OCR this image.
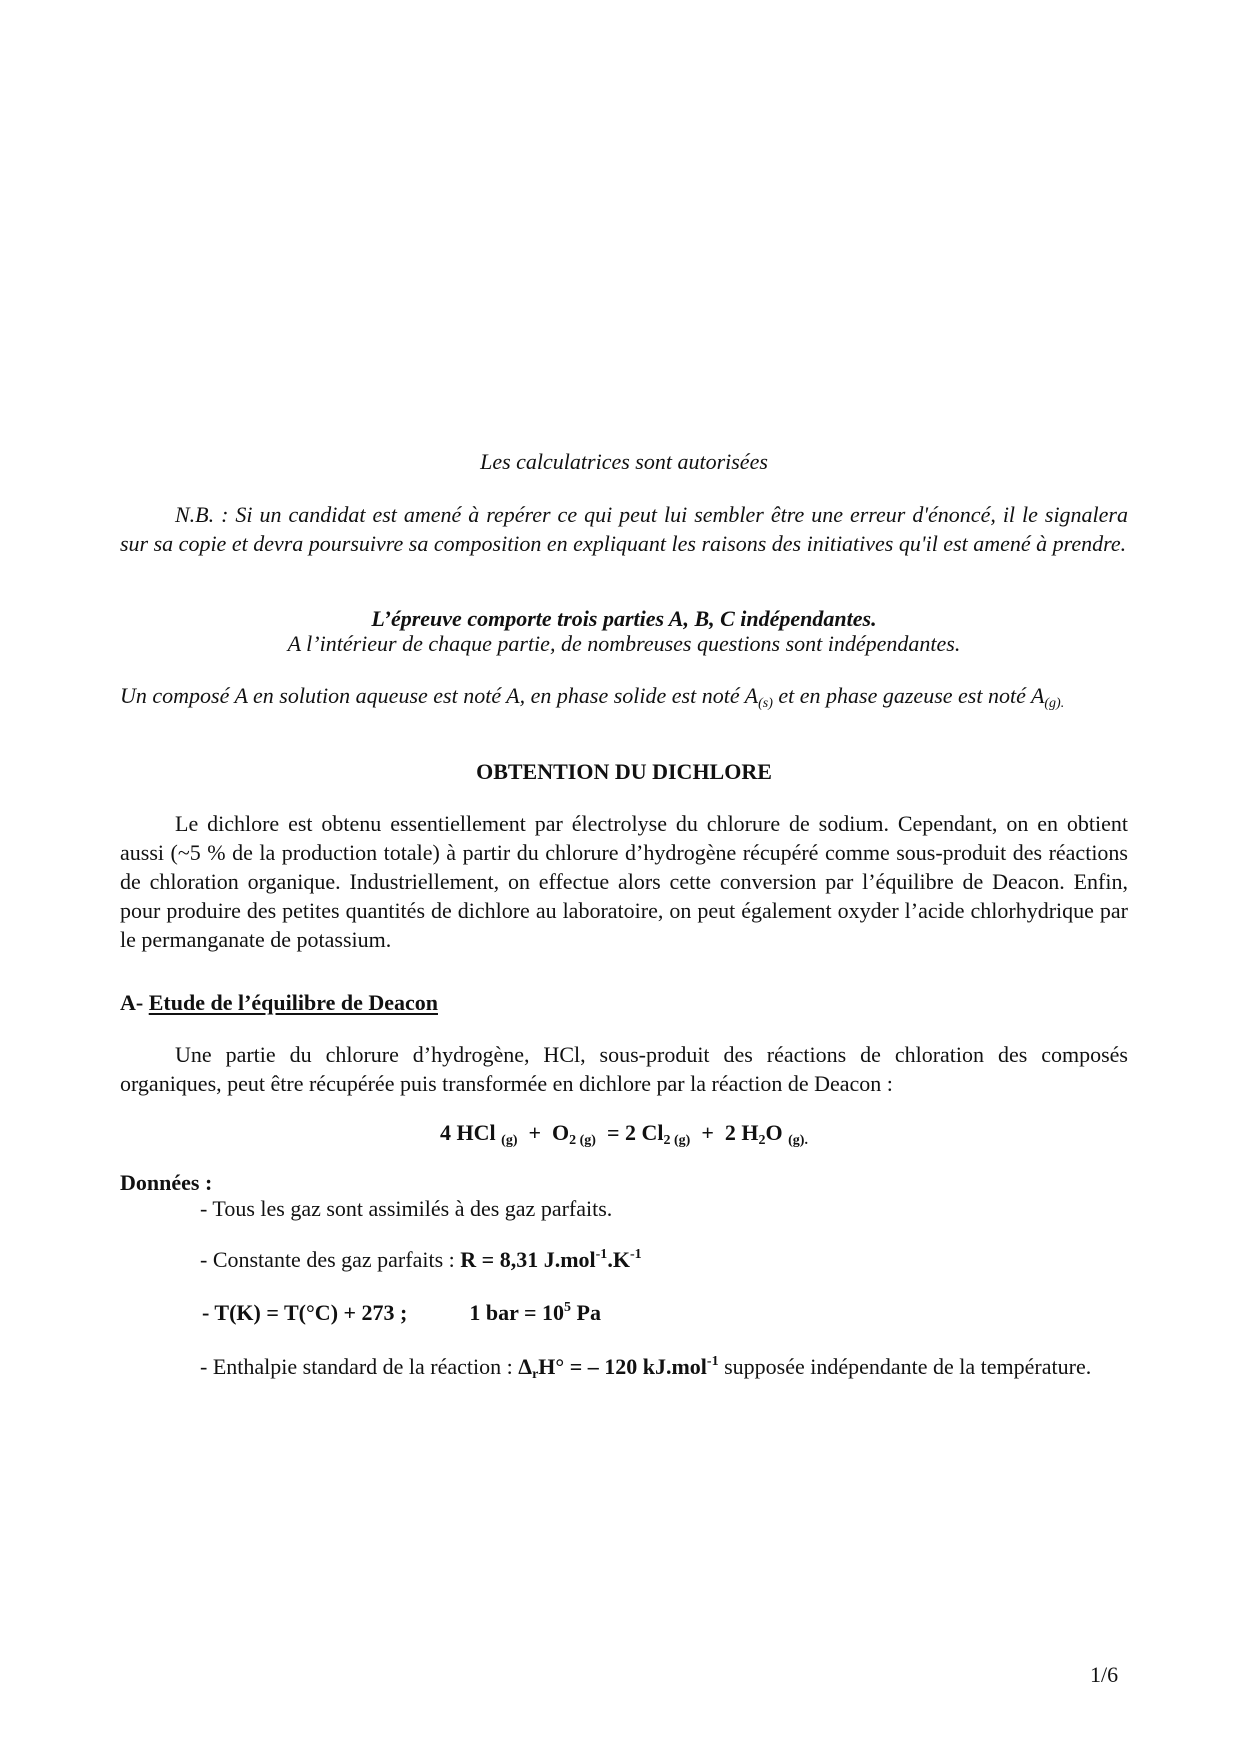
Les calculatrices sont autorisées
N.B. : Si un candidat est amené à repérer ce qui peut lui sembler être une erreur d'énoncé, il le signalera sur sa copie et devra poursuivre sa composition en expliquant les raisons des initiatives qu'il est amené à prendre.
L’épreuve comporte trois parties A, B, C indépendantes.
A l’intérieur de chaque partie, de nombreuses questions sont indépendantes.
Un composé A en solution aqueuse est noté A, en phase solide est noté $A_{(s)}$ et en phase gazeuse est noté $A_{(g).}$
OBTENTION DU DICHLORE
Le dichlore est obtenu essentiellement par électrolyse du chlorure de sodium. Cependant, on en obtient aussi (~5 % de la production totale) à partir du chlorure d’hydrogène récupéré comme sous-produit des réactions de chloration organique. Industriellement, on effectue alors cette conversion par l’équilibre de Deacon. Enfin, pour produire des petites quantités de dichlore au laboratoire, on peut également oxyder l’acide chlorhydrique par le permanganate de potassium.
A- Etude de l’équilibre de Deacon
Une partie du chlorure d’hydrogène, HCl, sous-produit des réactions de chloration des composés organiques, peut être récupérée puis transformée en dichlore par la réaction de Deacon :
4 HCl $_{(g)} + O_{2 (g)} = 2$ $Cl_{2 (g)} + 2$ $H_2O$ $_{(g).}$
Données :
- Tous les gaz sont assimilés à des gaz parfaits.
- Constante des gaz parfaits : R = 8,31 $J.mol^{-1}.K^{-1}$
- T(K) = T(°C) + 273 ;	1 bar = $10^5$ Pa
- Enthalpie standard de la réaction : $\Delta_rH^\circ$ = – 120 kJ.mol$^{-1}$ supposée indépendante de la température.
1/6
